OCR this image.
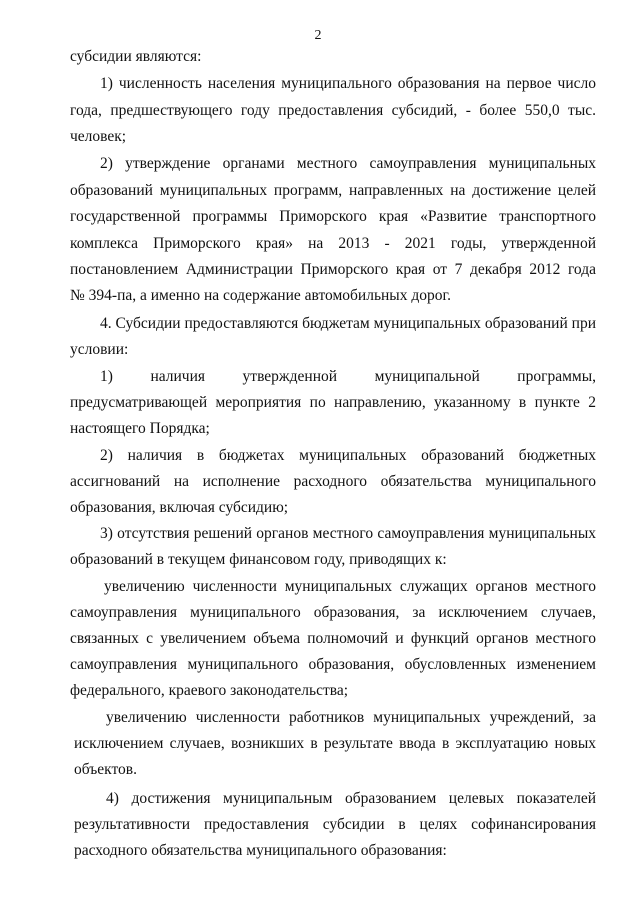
2
субсидии являются:
1) численность населения муниципального образования на первое число
года, предшествующего году предоставления субсидий, - более 550,0 тыс.
человек;
2) утверждение органами местного самоуправления муниципальных
образований муниципальных программ, направленных на достижение целей
государственной программы Приморского края «Развитие транспортного
комплекса Приморского края» на 2013 - 2021 годы, утвержденной
постановлением Администрации Приморского края от 7 декабря 2012 года
№ 394-па, а именно на содержание автомобильных дорог.
4. Субсидии предоставляются бюджетам муниципальных образований при
условии:
1) наличия утвержденной муниципальной программы,
предусматривающей мероприятия по направлению, указанному в пункте 2
настоящего Порядка;
2) наличия в бюджетах муниципальных образований бюджетных
ассигнований на исполнение расходного обязательства муниципального
образования, включая субсидию;
3) отсутствия решений органов местного самоуправления муниципальных
образований в текущем финансовом году, приводящих к:
увеличению численности муниципальных служащих органов местного
самоуправления муниципального образования, за исключением случаев,
связанных с увеличением объема полномочий и функций органов местного
самоуправления муниципального образования, обусловленных изменением
федерального, краевого законодательства;
увеличению численности работников муниципальных учреждений, за
исключением случаев, возникших в результате ввода в эксплуатацию новых
объектов.
4) достижения муниципальным образованием целевых показателей
результативности предоставления субсидии в целях софинансирования
расходного обязательства муниципального образования:
